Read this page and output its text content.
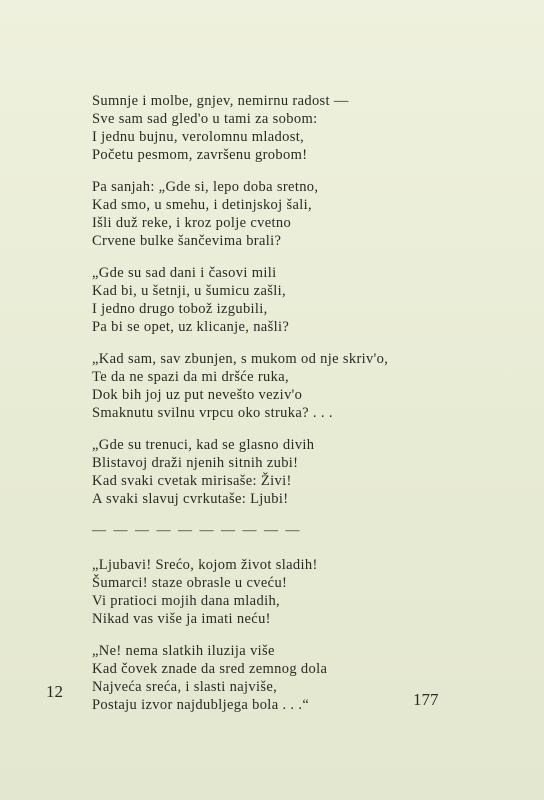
Sumnje i molbe, gnjev, nemirnu radost —
Sve sam sad gled'o u tami za sobom:
I jednu bujnu, verolomnu mladost,
Početu pesmom, završenu grobom!
Pa sanjah: „Gde si, lepo doba sretno,
Kad smo, u smehu, i detinjskoj šali,
Išli duž reke, i kroz polje cvetno
Crvene bulke šančevima brali?
„Gde su sad dani i časovi mili
Kad bi, u šetnji, u šumicu zašli,
I jedno drugo tobož izgubili,
Pa bi se opet, uz klicanje, našli?
„Kad sam, sav zbunjen, s mukom od nje skriv'o,
Te da ne spazi da mi dršće ruka,
Dok bih joj uz put nevešto veziv'o
Smaknutu svilnu vrpcu oko struka? . . .
„Gde su trenuci, kad se glasno divih
Blistavoj draži njenih sitnih zubi!
Kad svaki cvetak mirisaše: Živi!
A svaki slavuj cvrkutaše: Ljubi!
— — — — — — — — — —
„Ljubavi! Srećo, kojom život sladih!
Šumarci! staze obrasle u cveću!
Vi pratioci mojih dana mladih,
Nikad vas više ja imati neću!
„Ne! nema slatkih iluzija više
Kad čovek znade da sred zemnog dola
Najveća sreća, i slasti najviše,
Postaju izvor najdubljega bola . . .“
12	177
